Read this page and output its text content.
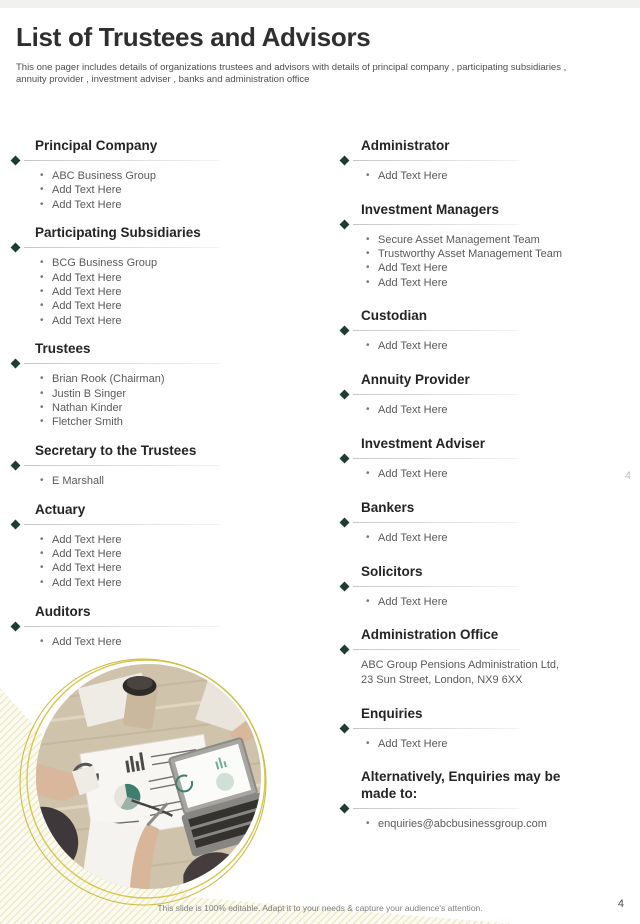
List of Trustees and Advisors

This one pager includes details of organizations trustees and advisors with details of principal company , participating subsidiaries , annuity provider , investment adviser , banks and administration office

Principal Company
• ABC Business Group
• Add Text Here
• Add Text Here
Participating Subsidiaries
• BCG Business Group
• Add Text Here
• Add Text Here
• Add Text Here
• Add Text Here
Trustees
• Brian Rook (Chairman)
• Justin B Singer
• Nathan Kinder
• Fletcher Smith
Secretary to the Trustees
• E Marshall
Actuary
• Add Text Here
• Add Text Here
• Add Text Here
• Add Text Here
Auditors
• Add Text Here
Administrator
• Add Text Here
Investment Managers
• Secure Asset Management Team
• Trustworthy Asset Management Team
• Add Text Here
• Add Text Here
Custodian
• Add Text Here
Annuity Provider
• Add Text Here
Investment Adviser
• Add Text Here
Bankers
• Add Text Here
Solicitors
• Add Text Here
Administration Office
ABC Group Pensions Administration Ltd,
23 Sun Street, London, NX9 6XX
Enquiries
• Add Text Here
Alternatively, Enquiries may be made to:
• enquiries@abcbusinessgroup.com
4
This slide is 100% editable. Adapt it to your needs & capture your audience's attention.	4
